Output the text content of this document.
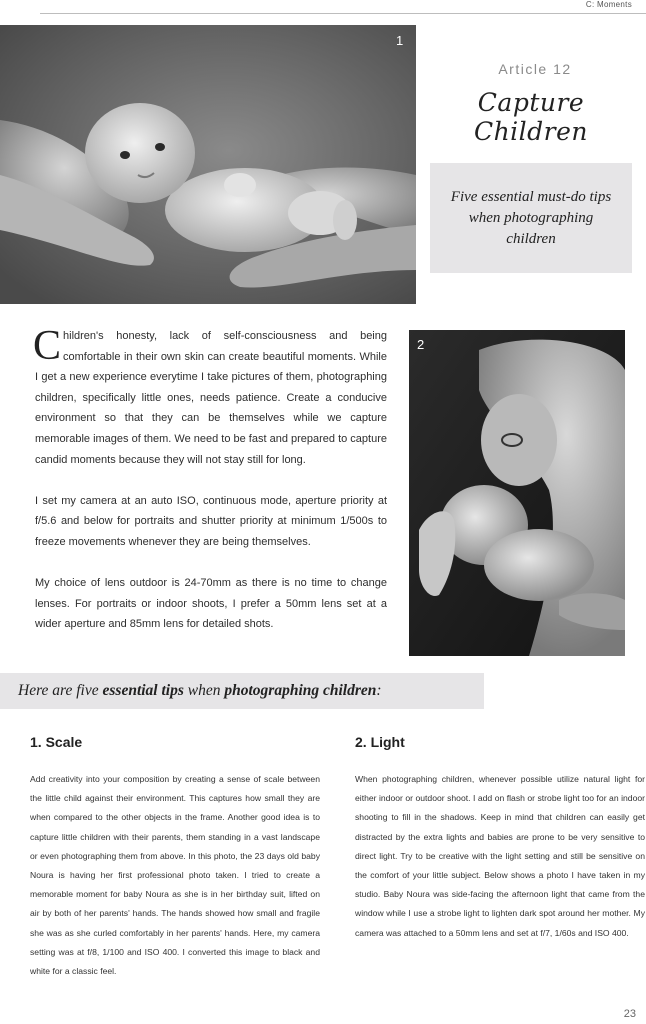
C: Moments
1
Article 12
Capture Children
Five essential must-do tips when photographing children

Children's honesty, lack of self-consciousness and being comfortable in their own skin can create beautiful moments. While I get a new experience everytime I take pictures of them, photographing children, specifically little ones, needs patience. Create a conducive environment so that they can be themselves while we capture memorable images of them. We need to be fast and prepared to capture candid moments because they will not stay still for long.

I set my camera at an auto ISO, continuous mode, aperture priority at f/5.6 and below for portraits and shutter priority at minimum 1/500s to freeze movements whenever they are being themselves.

My choice of lens outdoor is 24-70mm as there is no time to change lenses. For portraits or indoor shoots, I prefer a 50mm lens set at a wider aperture and 85mm lens for detailed shots.

2
Here are five essential tips when photographing children:
1. Scale

Add creativity into your composition by creating a sense of scale between the little child against their environment. This captures how small they are when compared to the other objects in the frame. Another good idea is to capture little children with their parents, them standing in a vast landscape or even photographing them from above. In this photo, the 23 days old baby Noura is having her first professional photo taken. I tried to create a memorable moment for baby Noura as she is in her birthday suit, lifted on air by both of her parents' hands. The hands showed how small and fragile she was as she curled comfortably in her parents' hands. Here, my camera setting was at f/8, 1/100 and ISO 400. I converted this image to black and white for a classic feel.

2. Light

When photographing children, whenever possible utilize natural light for either indoor or outdoor shoot. I add on flash or strobe light too for an indoor shooting to fill in the shadows. Keep in mind that children can easily get distracted by the extra lights and babies are prone to be very sensitive to direct light. Try to be creative with the light setting and still be sensitive on the comfort of your little subject. Below shows a photo I have taken in my studio. Baby Noura was side-facing the afternoon light that came from the window while I use a strobe light to lighten dark spot around her mother. My camera was attached to a 50mm lens and set at f/7, 1/60s and ISO 400.

23
